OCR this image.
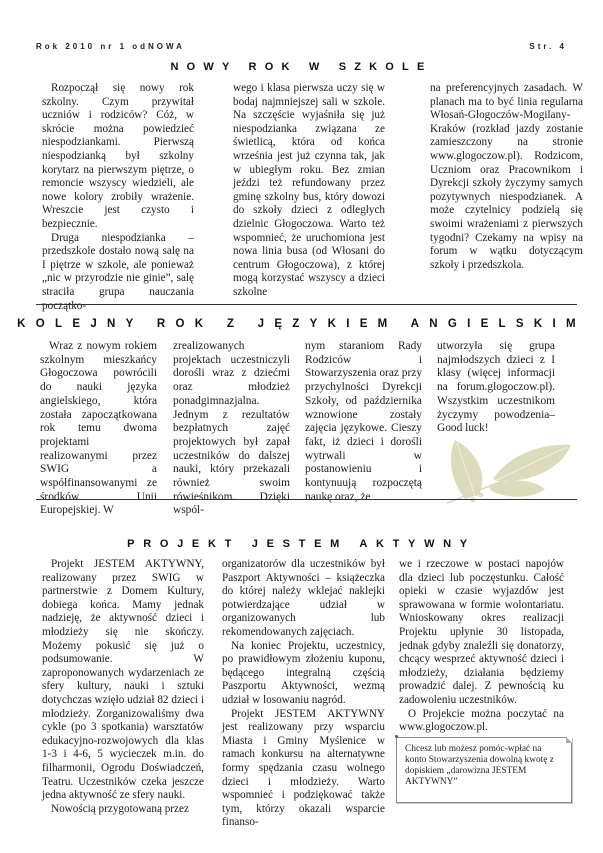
Rok 2010 nr 1 odNOWA	Str. 4
NOWY ROK W SZKOLE

Rozpoczął się nowy rok szkolny. Czym przywitał uczniów i rodziców? Cóż, w skrócie można powiedzieć niespodziankami. Pierwszą niespodzianką był szkolny korytarz na pierwszym piętrze, o remoncie wszyscy wiedzieli, ale nowe kolory zrobiły wrażenie. Wreszcie jest czysto i bezpiecznie.

Druga niespodzianka – przedszkole dostało nową salę na I piętrze w szkole, ale ponieważ „nic w przyrodzie nie ginie”, salę straciła grupa nauczania początko-

wego i klasa pierwsza uczy się w bodaj najmniejszej sali w szkole. Na szczęście wyjaśniła się już niespodzianka związana ze świetlicą, która od końca września jest już czynna tak, jak w ubiegłym roku. Bez zmian jeździ też refundowany przez gminę szkolny bus, który dowozi do szkoły dzieci z odległych dzielnic Głogoczowa. Warto też wspomnieć, że uruchomiona jest nowa linia busa (od Włosani do centrum Głogoczowa), z której mogą korzystać wszyscy a dzieci szkolne

na preferencyjnych zasadach. W planach ma to być linia regularna Włosań-Głogoczów-Mogilany-Kraków (rozkład jazdy zostanie zamieszczony na stronie www.glogoczow.pl). Rodzicom, Uczniom oraz Pracownikom i Dyrekcji szkoły życzymy samych pozytywnych niespodzianek. A może czytelnicy podzielą się swoimi wrażeniami z pierwszych tygodni? Czekamy na wpisy na forum w wątku dotyczącym szkoły i przedszkola.

KOLEJNY ROK Z JĘZYKIEM ANGIELSKIM

Wraz z nowym rokiem szkolnym mieszkańcy Głogoczowa powrócili do nauki języka angielskiego, która została zapoczątkowana rok temu dwoma projektami realizowanymi przez SWIG a współfinansowanymi ze środków Unii Europejskiej. W

zrealizowanych projektach uczestniczyli dorośli wraz z dziećmi oraz młodzież ponadgimnazjalna. Jednym z rezultatów bezpłatnych zajęć projektowych był zapał uczestników do dalszej nauki, który przekazali również swoim rówieśnikom. Dzięki wspól-

nym staraniom Rady Rodziców i Stowarzyszenia oraz przy przychylności Dyrekcji Szkoły, od października wznowione zostały zajęcia językowe. Cieszy fakt, iż dzieci i dorośli wytrwali w postanowieniu i kontynuują rozpoczętą naukę oraz, że

utworzyła się grupa najmłodszych dzieci z I klasy (więcej informacji na forum.glogoczow.pl). Wszystkim uczestnikom życzymy powodzenia– Good luck!

PROJEKT JESTEM AKTYWNY

Projekt JESTEM AKTYWNY, realizowany przez SWIG w partnerstwie z Domem Kultury, dobiega końca. Mamy jednak nadzieję, że aktywność dzieci i młodzieży się nie skończy. Możemy pokusić się już o podsumowanie. W zaproponowanych wydarzeniach ze sfery kultury, nauki i sztuki dotychczas wzięło udział 82 dzieci i młodzieży. Zorganizowaliśmy dwa cykle (po 3 spotkania) warsztatów edukacyjno-rozwojowych dla klas 1-3 i 4-6, 5 wycieczek m.in. do filharmonii, Ogrodu Doświadczeń, Teatru. Uczestników czeka jeszcze jedna aktywność ze sfery nauki.

Nowością przygotowaną przez

organizatorów dla uczestników był Paszport Aktywności – książeczka do której należy wklejać naklejki potwierdzające udział w organizowanych lub rekomendowanych zajęciach.

Na koniec Projektu, uczestnicy, po prawidłowym złożeniu kuponu, będącego integralną częścią Paszportu Aktywności, wezmą udział w losowaniu nagród.

Projekt JESTEM AKTYWNY jest realizowany przy wsparciu Miasta i Gminy Myślenice w ramach konkursu na alternatywne formy spędzania czasu wolnego dzieci i młodzieży. Warto wspomnieć i podziękować także tym, którzy okazali wsparcie finanso-

we i rzeczowe w postaci napojów dla dzieci lub poczęstunku. Całość opieki w czasie wyjazdów jest sprawowana w formie wolontariatu. Wnioskowany okres realizacji Projektu upłynie 30 listopada, jednak gdyby znaleźli się donatorzy, chcący wesprzeć aktywność dzieci i młodzieży, działania będziemy prowadzić dalej. Z pewnością ku zadowoleniu uczestników.

O Projekcie można poczytać na www.glogoczow.pl.

Chcesz lub możesz pomóc-wpłać na konto Stowarzyszenia dowolną kwotę z dopiskiem „darowizna JESTEM AKTYWNY”
